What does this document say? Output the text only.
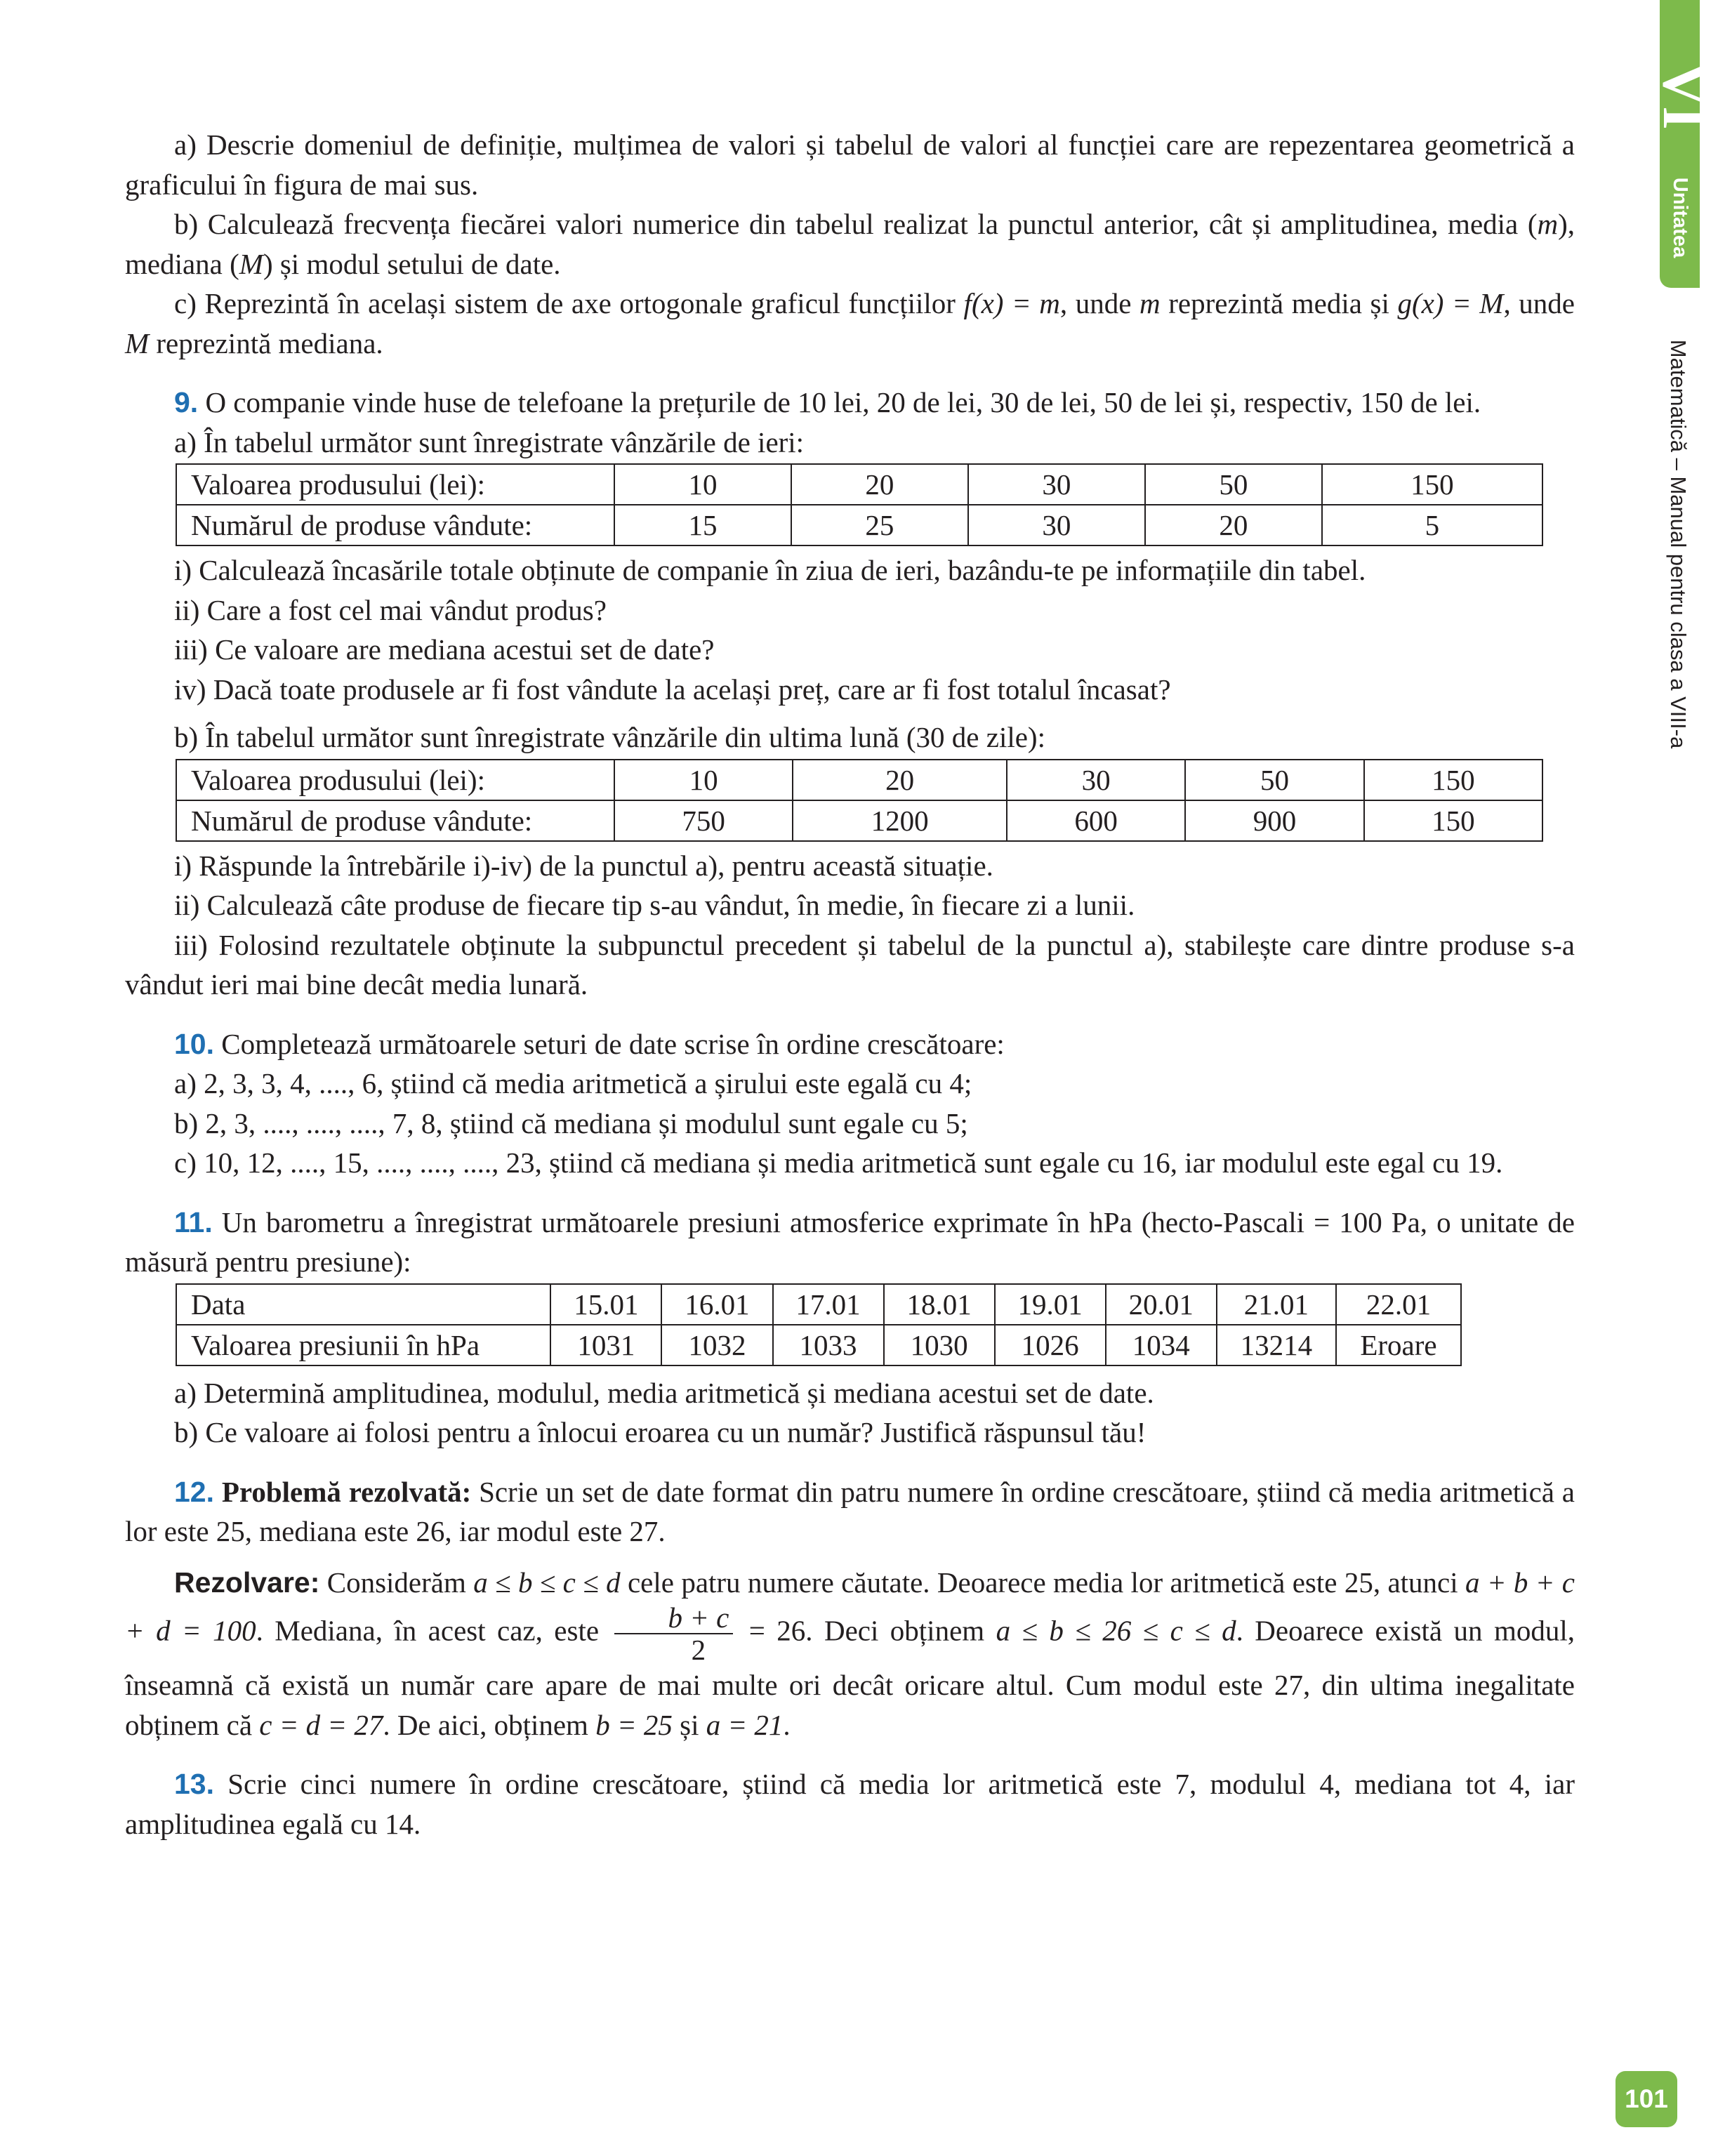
VI
Unitatea
Matematică – Manual pentru clasa a VIII-a
101

a) Descrie domeniul de definiție, mulțimea de valori și tabelul de valori al funcției care are repezentarea geometrică a graficului în figura de mai sus.

b) Calculează frecvența fiecărei valori numerice din tabelul realizat la punctul anterior, cât și amplitudinea, media (m), mediana (M) și modul setului de date.

c) Reprezintă în același sistem de axe ortogonale graficul funcțiilor f(x) = m, unde m reprezintă media și g(x) = M, unde M reprezintă mediana.

9. O companie vinde huse de telefoane la prețurile de 10 lei, 20 de lei, 30 de lei, 50 de lei și, respectiv, 150 de lei.

a) În tabelul următor sunt înregistrate vânzările de ieri:

Valoarea produsului (lei):	10	20	30	50	150
Numărul de produse vândute:	15	25	30	20	5

i) Calculează încasările totale obținute de companie în ziua de ieri, bazându-te pe informațiile din tabel.

ii) Care a fost cel mai vândut produs?

iii) Ce valoare are mediana acestui set de date?

iv) Dacă toate produsele ar fi fost vândute la același preț, care ar fi fost totalul încasat?

b) În tabelul următor sunt înregistrate vânzările din ultima lună (30 de zile):

Valoarea produsului (lei):	10	20	30	50	150
Numărul de produse vândute:	750	1200	600	900	150

i) Răspunde la întrebările i)-iv) de la punctul a), pentru această situație.

ii) Calculează câte produse de fiecare tip s-au vândut, în medie, în fiecare zi a lunii.

iii) Folosind rezultatele obținute la subpunctul precedent și tabelul de la punctul a), stabilește care dintre produse s-a vândut ieri mai bine decât media lunară.

10. Completează următoarele seturi de date scrise în ordine crescătoare:

a) 2, 3, 3, 4, ...., 6, știind că media aritmetică a șirului este egală cu 4;

b) 2, 3, ...., ...., ...., 7, 8, știind că mediana și modulul sunt egale cu 5;

c) 10, 12, ...., 15, ...., ...., ...., 23, știind că mediana și media aritmetică sunt egale cu 16, iar modulul este egal cu 19.

11. Un barometru a înregistrat următoarele presiuni atmosferice exprimate în hPa (hecto-Pascali = 100 Pa, o unitate de măsură pentru presiune):

Data	15.01	16.01	17.01	18.01	19.01	20.01	21.01	22.01
Valoarea presiunii în hPa	1031	1032	1033	1030	1026	1034	13214	Eroare

a) Determină amplitudinea, modulul, media aritmetică și mediana acestui set de date.

b) Ce valoare ai folosi pentru a înlocui eroarea cu un număr? Justifică răspunsul tău!

12. Problemă rezolvată: Scrie un set de date format din patru numere în ordine crescătoare, știind că media aritmetică a lor este 25, mediana este 26, iar modul este 27.

Rezolvare: Considerăm a ≤ b ≤ c ≤ d cele patru numere căutate. Deoarece media lor aritmetică este 25, atunci a + b + c + d = 100. Mediana, în acest caz, este $\frac{b + c}{2} = 26$. Deci obținem a ≤ b ≤ 26 ≤ c ≤ d. Deoarece există un modul, înseamnă că există un număr care apare de mai multe ori decât oricare altul. Cum modul este 27, din ultima inegalitate obținem că c = d = 27. De aici, obținem b = 25 și a = 21.

13. Scrie cinci numere în ordine crescătoare, știind că media lor aritmetică este 7, modulul 4, mediana tot 4, iar amplitudinea egală cu 14.
